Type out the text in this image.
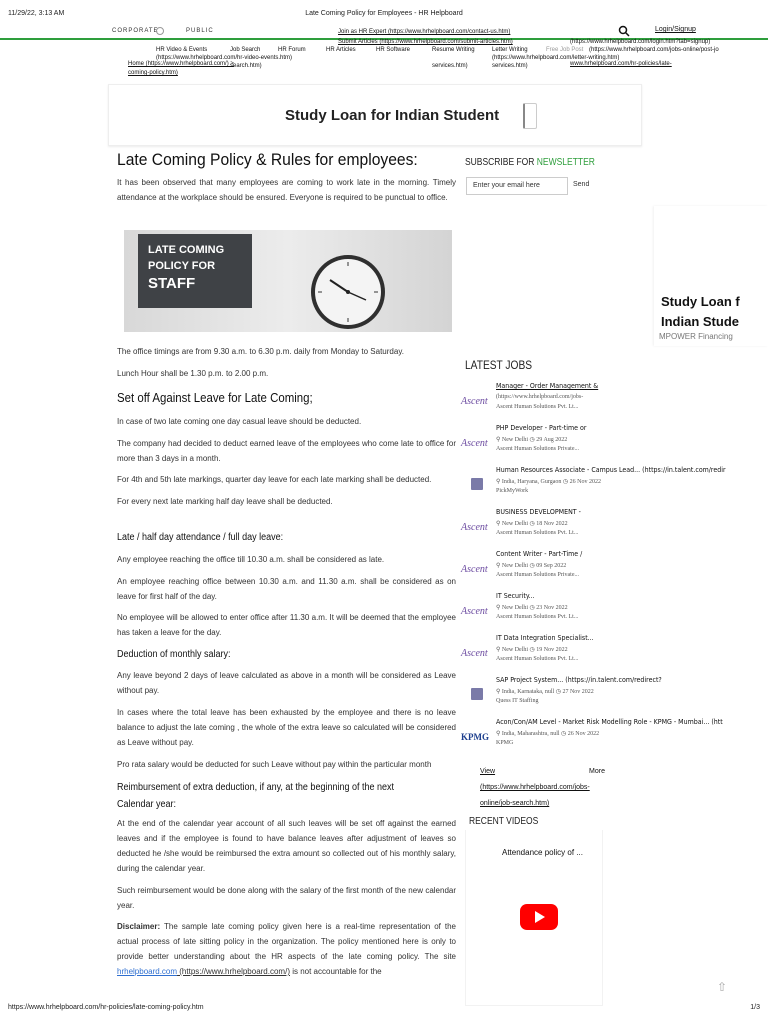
11/29/22, 3:13 AM	Late Coming Policy for Employees - HR Helpboard
CORPORATE	PUBLIC	Login/Signup
Join as HR Expert (https://www.hrhelpboard.com/contact-us.htm)
Submit Articles (https://www.hrhelpboard.com/submit-articles.htm)	(https://www.hrhelpboard.com/login.htm?tab=signup)
HR Video & Events	Job Search	HR Forum	HR Articles	HR Software	Resume Writing	Letter Writing	Free Job Post (https://www.hrhelpboard.com/jobs-online/post-jo
(https://www.hrhelpboard.com/hr-video-events.htm)	(https://www.hrhelpboard.com/letter-writing.htm)
Home (https://www.hrhelpboard.com/) >
search.htm)	services.htm)	services.htm)	www.hrhelpboard.com/hr-policies/late-
coming-policy.htm)
Study Loan for Indian Student
Late Coming Policy & Rules for employees:

It has been observed that many employees are coming to work late in the morning. Timely attendance at the workplace should be ensured. Everyone is required to be punctual to office.

LATE COMING
POLICY FOR
STAFF

The office timings are from 9.30 a.m. to 6.30 p.m. daily from Monday to Saturday.

Lunch Hour shall be 1.30 p.m. to 2.00 p.m.

Set off Against Leave for Late Coming;

In case of two late coming one day casual leave should be deducted.

The company had decided to deduct earned leave of the employees who come late to office for more than 3 days in a month.

For 4th and 5th late markings, quarter day leave for each late marking shall be deducted.

For every next late marking half day leave shall be deducted.

Late / half day attendance / full day leave:

Any employee reaching the office till 10.30 a.m. shall be considered as late.

An employee reaching office between 10.30 a.m. and 11.30 a.m. shall be considered as on leave for first half of the day.

No employee will be allowed to enter office after 11.30 a.m. It will be deemed that the employee has taken a leave for the day.

Deduction of monthly salary:

Any leave beyond 2 days of leave calculated as above in a month will be considered as Leave without pay.

In cases where the total leave has been exhausted by the employee and there is no leave balance to adjust the late coming , the whole of the extra leave so calculated will be considered as Leave without pay.

Pro rata salary would be deducted for such Leave without pay within the particular month

Reimbursement of extra deduction, if any, at the beginning of the next Calendar year:

At the end of the calendar year account of all such leaves will be set off against the earned leaves and if the employee is found to have balance leaves after adjustment of leaves so deducted he /she would be reimbursed the extra amount so collected out of his monthly salary, during the calendar year.

Such reimbursement would be done along with the salary of the first month of the new calendar year.

Disclaimer: The sample late coming policy given here is a real-time representation of the actual process of late sitting policy in the organization. The policy mentioned here is only to provide better understanding about the HR aspects of the late coming policy. The site hrhelpboard.com (https://www.hrhelpboard.com/) is not accountable for the

SUBSCRIBE FOR NEWSLETTER
Enter your email here	Send
Study Loan f
Indian Stude
MPOWER Financing
LATEST JOBS
Ascent
Manager - Order Management &
(https://www.hrhelpboard.com/jobs-
Ascent Human Solutions Pvt. Lt...
Ascent
PHP Developer - Part-time or
⚲ New Delhi ◷ 29 Aug 2022
Ascent Human Solutions Private...
Human Resources Associate - Campus Lead... (https://in.talent.com/redir
⚲ India, Haryana, Gurgaon ◷ 26 Nov 2022
PickMyWork
Ascent
BUSINESS DEVELOPMENT -
⚲ New Delhi ◷ 18 Nov 2022
Ascent Human Solutions Pvt. Lt...
Ascent
Content Writer - Part-Time /
⚲ New Delhi ◷ 09 Sep 2022
Ascent Human Solutions Private...
Ascent
IT Security...
⚲ New Delhi ◷ 23 Nov 2022
Ascent Human Solutions Pvt. Lt...
Ascent
IT Data Integration Specialist...
⚲ New Delhi ◷ 19 Nov 2022
Ascent Human Solutions Pvt. Lt...
SAP Project System... (https://in.talent.com/redirect?
⚲ India, Karnataka, null ◷ 27 Nov 2022
Quess IT Staffing
KPMG
Acon/Con/AM Level - Market Risk Modelling Role - KPMG - Mumbai... (htt
⚲ India, Maharashtra, null ◷ 26 Nov 2022
KPMG
View	More
(https://www.hrhelpboard.com/jobs-online/job-search.htm)
RECENT VIDEOS
Attendance policy of ...
⇧
https://www.hrhelpboard.com/hr-policies/late-coming-policy.htm	1/3
